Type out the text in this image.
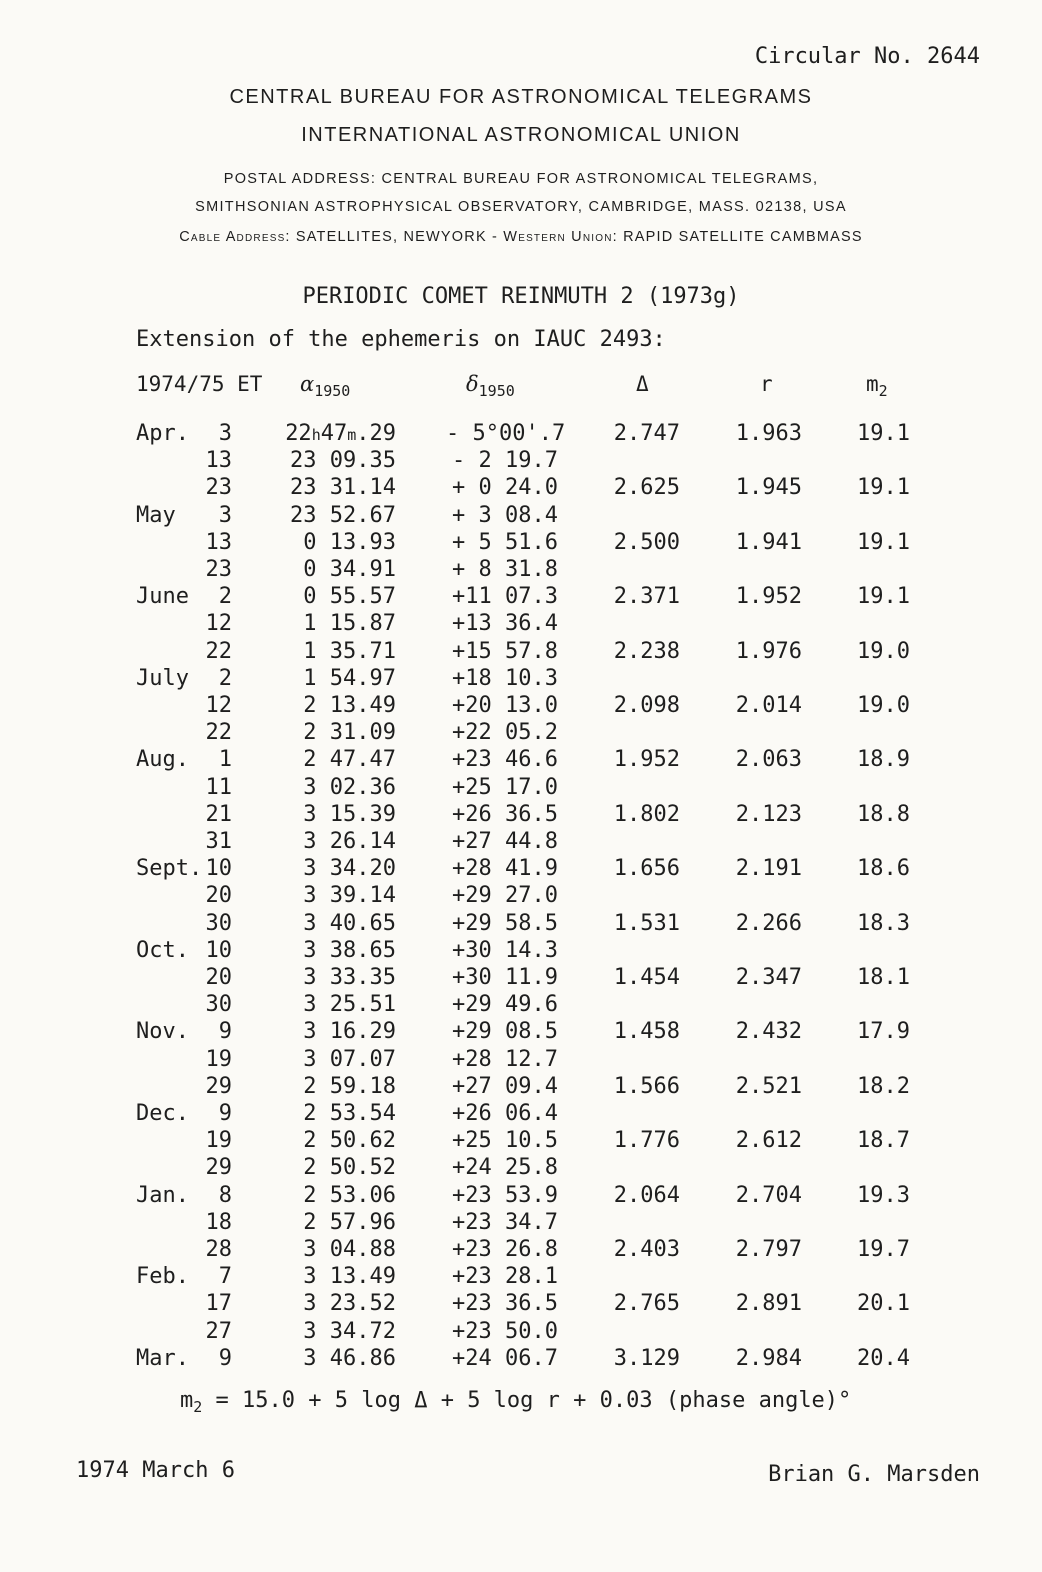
Circular No. 2644
CENTRAL BUREAU FOR ASTRONOMICAL TELEGRAMS
INTERNATIONAL ASTRONOMICAL UNION
POSTAL ADDRESS: CENTRAL BUREAU FOR ASTRONOMICAL TELEGRAMS,
SMITHSONIAN ASTROPHYSICAL OBSERVATORY, CAMBRIDGE, MASS. 02138, USA
Cable Address: SATELLITES, NEWYORK - Western Union: RAPID SATELLITE CAMBMASS
PERIODIC COMET REINMUTH 2 (1973g)
Extension of the ephemeris on IAUC 2493:
1974/75 ET $\alpha_{1950}$	$\delta_{1950}$	Δ	r	$m_2$
Apr.	3 22h47m.29 - 5°00'.7	2.747	1.963	19.1
13	23 09.35	- 2 19.7
23	23 31.14	+ 0 24.0	2.625	1.945	19.1
May	3	23 52.67	+ 3 08.4
13	0 13.93	+ 5 51.6	2.500	1.941	19.1
23	0 34.91	+ 8 31.8
June	2	0 55.57	+11 07.3	2.371	1.952	19.1
12	1 15.87	+13 36.4
22	1 35.71	+15 57.8	2.238	1.976	19.0
July	2	1 54.97	+18 10.3
12	2 13.49	+20 13.0	2.098	2.014	19.0
22	2 31.09	+22 05.2
Aug.	1	2 47.47	+23 46.6	1.952	2.063	18.9
11	3 02.36	+25 17.0
21	3 15.39	+26 36.5	1.802	2.123	18.8
31	3 26.14	+27 44.8
Sept. 10	3 34.20	+28 41.9	1.656	2.191	18.6
20	3 39.14	+29 27.0
30	3 40.65	+29 58.5	1.531	2.266	18.3
Oct. 10	3 38.65	+30 14.3
20	3 33.35	+30 11.9	1.454	2.347	18.1
30	3 25.51	+29 49.6
Nov.	9	3 16.29	+29 08.5	1.458	2.432	17.9
19	3 07.07	+28 12.7
29	2 59.18	+27 09.4	1.566	2.521	18.2
Dec.	9	2 53.54	+26 06.4
19	2 50.62	+25 10.5	1.776	2.612	18.7
29	2 50.52	+24 25.8
Jan.	8	2 53.06	+23 53.9	2.064	2.704	19.3
18	2 57.96	+23 34.7
28	3 04.88	+23 26.8	2.403	2.797	19.7
Feb.	7	3 13.49	+23 28.1
17	3 23.52	+23 36.5	2.765	2.891	20.1
27	3 34.72	+23 50.0
Mar.	9	3 46.86	+24 06.7	3.129	2.984	20.4
$m_2 = 15.0 + 5$ log Δ + 5 log r + 0.03 (phase angle)°
1974 March 6	Brian G. Marsden
